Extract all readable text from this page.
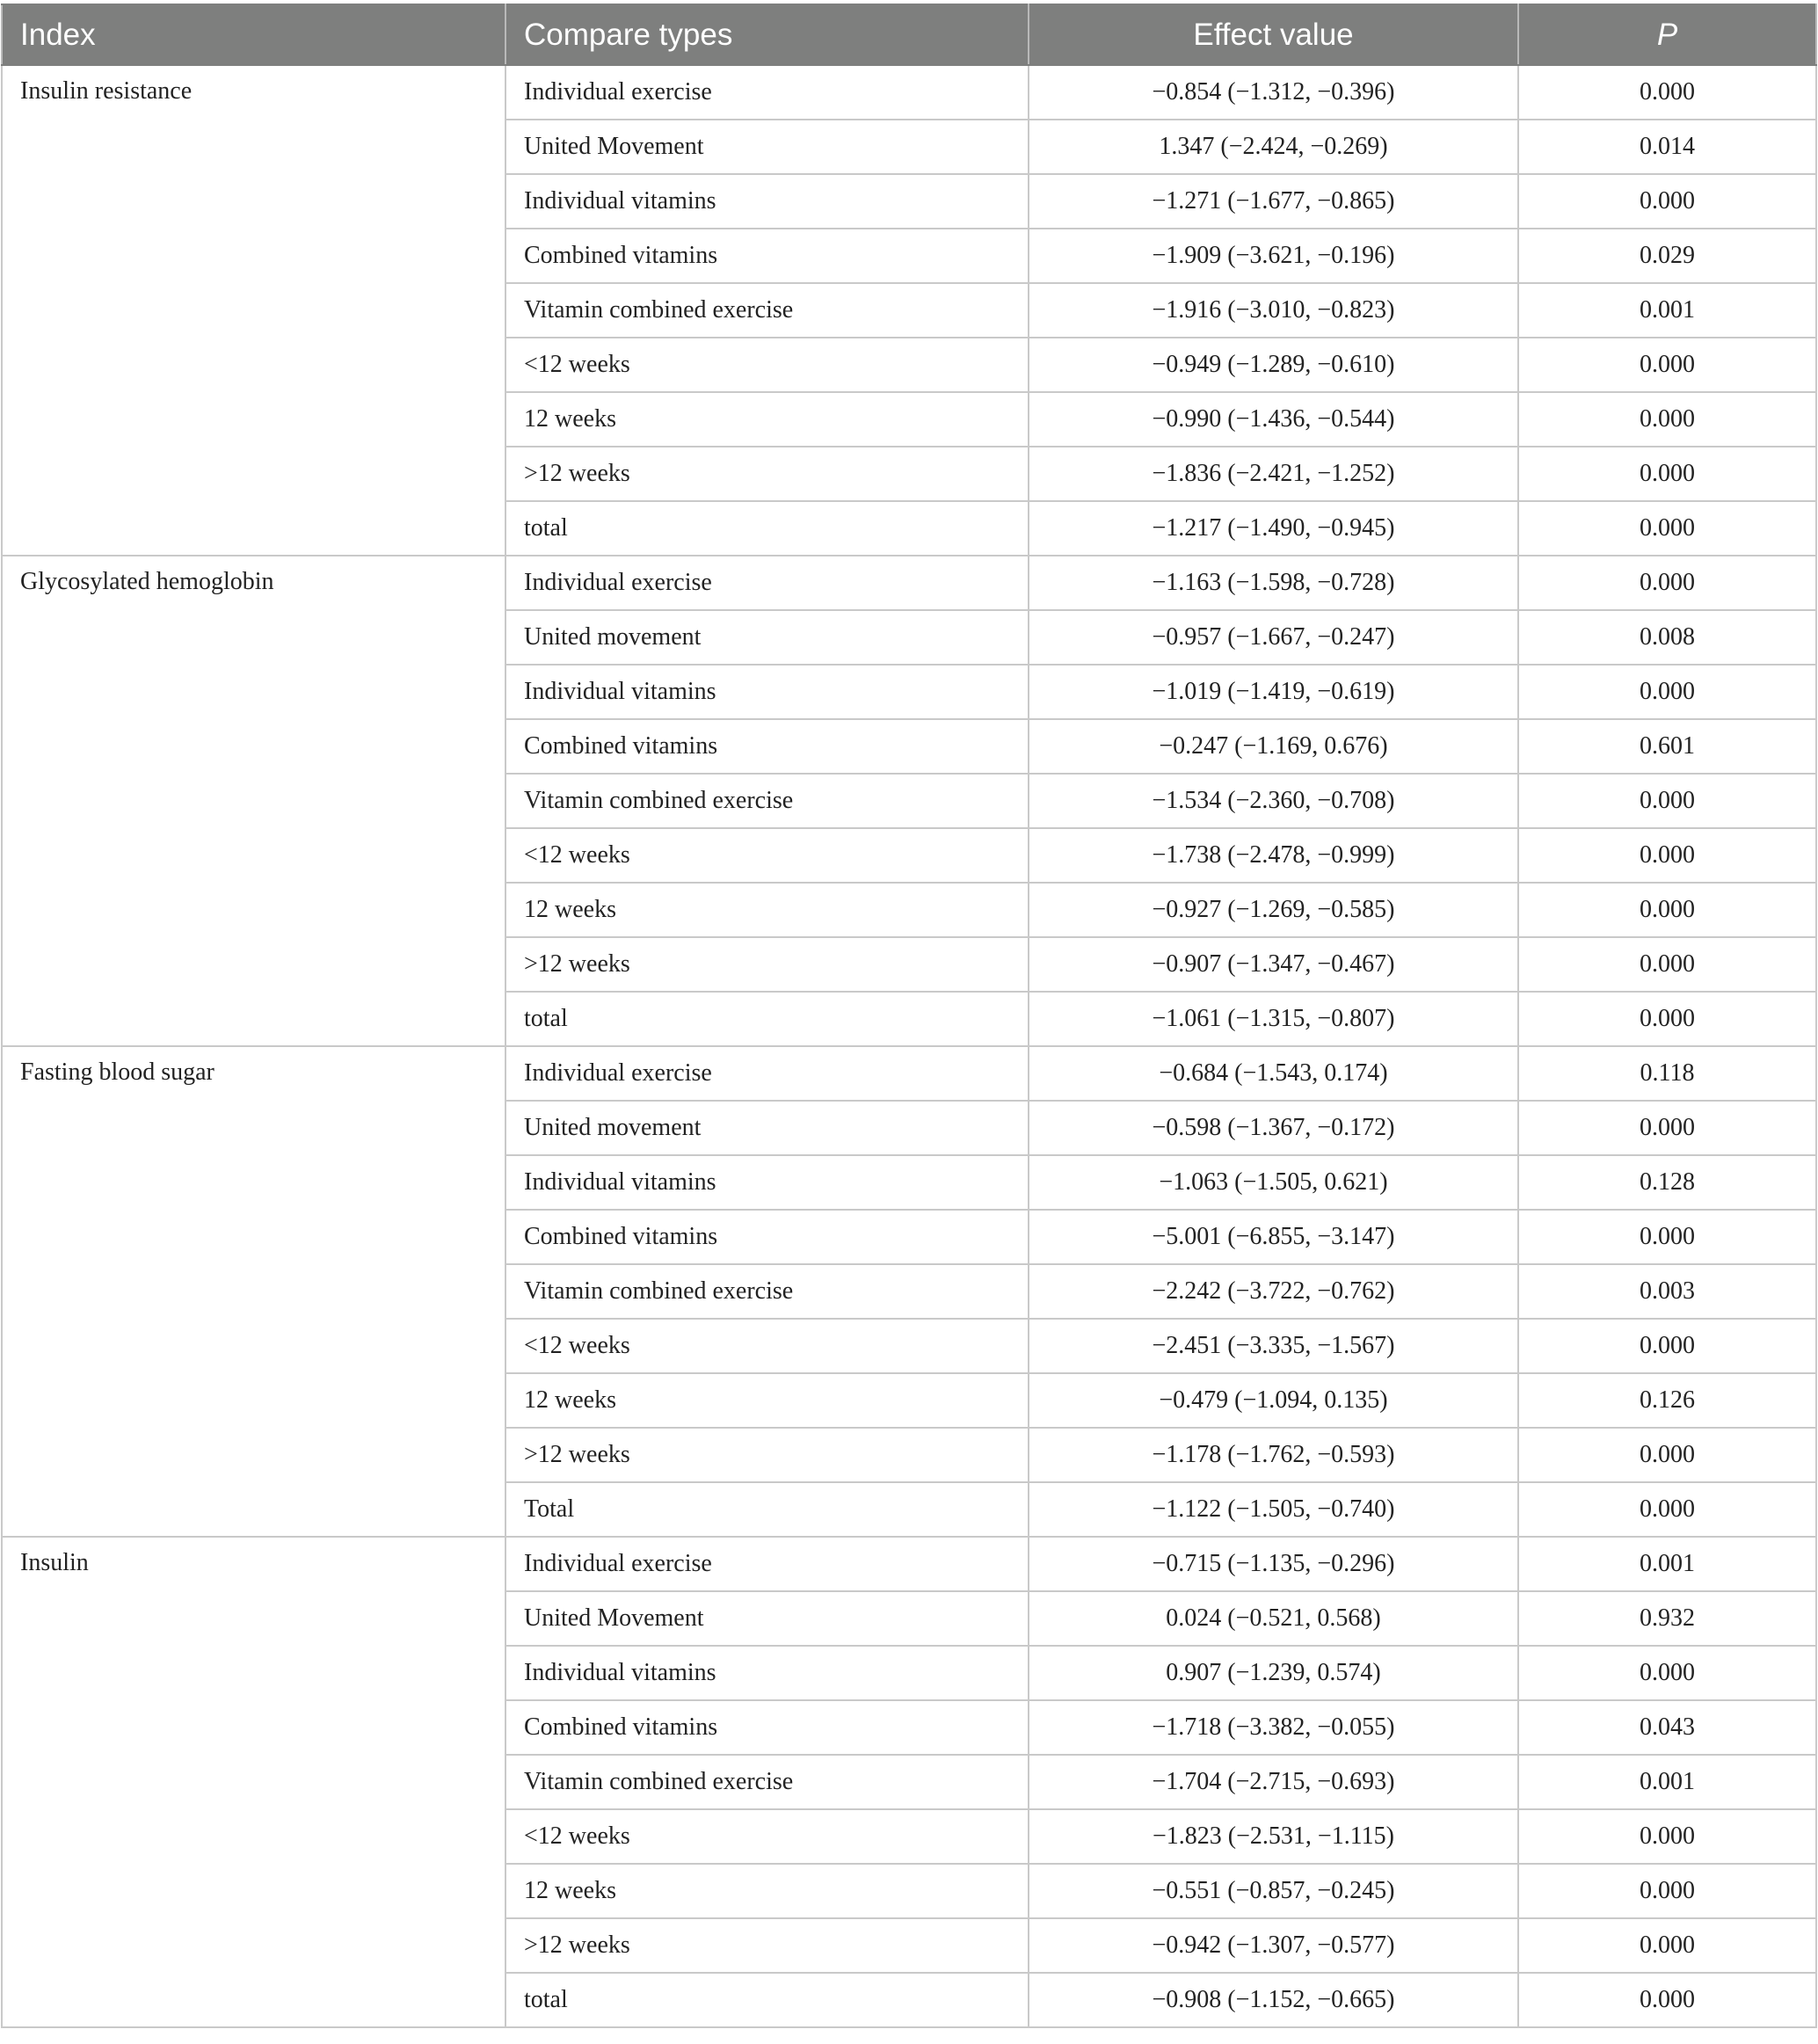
Index	Compare types	Effect value	P
Insulin resistance	Individual exercise	−0.854 (−1.312, −0.396)	0.000
	United Movement	1.347 (−2.424, −0.269)	0.014
	Individual vitamins	−1.271 (−1.677, −0.865)	0.000
	Combined vitamins	−1.909 (−3.621, −0.196)	0.029
	Vitamin combined exercise	−1.916 (−3.010, −0.823)	0.001
	<12 weeks	−0.949 (−1.289, −0.610)	0.000
	12 weeks	−0.990 (−1.436, −0.544)	0.000
	>12 weeks	−1.836 (−2.421, −1.252)	0.000
	total	−1.217 (−1.490, −0.945)	0.000
Glycosylated hemoglobin	Individual exercise	−1.163 (−1.598, −0.728)	0.000
	United movement	−0.957 (−1.667, −0.247)	0.008
	Individual vitamins	−1.019 (−1.419, −0.619)	0.000
	Combined vitamins	−0.247 (−1.169, 0.676)	0.601
	Vitamin combined exercise	−1.534 (−2.360, −0.708)	0.000
	<12 weeks	−1.738 (−2.478, −0.999)	0.000
	12 weeks	−0.927 (−1.269, −0.585)	0.000
	>12 weeks	−0.907 (−1.347, −0.467)	0.000
	total	−1.061 (−1.315, −0.807)	0.000
Fasting blood sugar	Individual exercise	−0.684 (−1.543, 0.174)	0.118
	United movement	−0.598 (−1.367, −0.172)	0.000
	Individual vitamins	−1.063 (−1.505, 0.621)	0.128
	Combined vitamins	−5.001 (−6.855, −3.147)	0.000
	Vitamin combined exercise	−2.242 (−3.722, −0.762)	0.003
	<12 weeks	−2.451 (−3.335, −1.567)	0.000
	12 weeks	−0.479 (−1.094, 0.135)	0.126
	>12 weeks	−1.178 (−1.762, −0.593)	0.000
	Total	−1.122 (−1.505, −0.740)	0.000
Insulin	Individual exercise	−0.715 (−1.135, −0.296)	0.001
	United Movement	0.024 (−0.521, 0.568)	0.932
	Individual vitamins	0.907 (−1.239, 0.574)	0.000
	Combined vitamins	−1.718 (−3.382, −0.055)	0.043
	Vitamin combined exercise	−1.704 (−2.715, −0.693)	0.001
	<12 weeks	−1.823 (−2.531, −1.115)	0.000
	12 weeks	−0.551 (−0.857, −0.245)	0.000
	>12 weeks	−0.942 (−1.307, −0.577)	0.000
	total	−0.908 (−1.152, −0.665)	0.000
